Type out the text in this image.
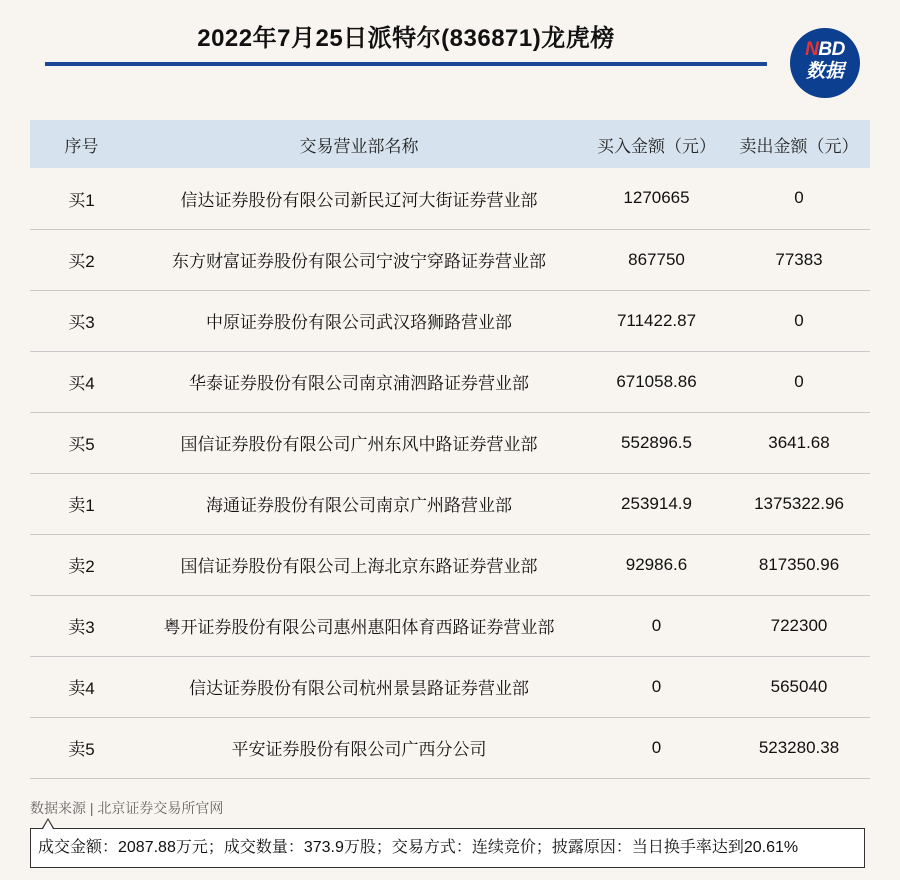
2022年7月25日派特尔(836871)龙虎榜	NBD
数据
序号	交易营业部名称	买入金额（元）	卖出金额（元）
买1	信达证券股份有限公司新民辽河大街证券营业部	1270665	0
买2	东方财富证券股份有限公司宁波宁穿路证券营业部	867750	77383
买3	中原证券股份有限公司武汉珞狮路营业部	711422.87	0
买4	华泰证券股份有限公司南京浦泗路证券营业部	671058.86	0
买5	国信证券股份有限公司广州东风中路证券营业部	552896.5	3641.68
卖1	海通证券股份有限公司南京广州路营业部	253914.9	1375322.96
卖2	国信证券股份有限公司上海北京东路证券营业部	92986.6	817350.96
卖3	粤开证券股份有限公司惠州惠阳体育西路证券营业部	0	722300
卖4	信达证券股份有限公司杭州景昙路证券营业部	0	565040
卖5	平安证券股份有限公司广西分公司	0	523280.38
数据来源 | 北京证券交易所官网
成交金额：2087.88万元；成交数量：373.9万股；交易方式：连续竞价；披露原因：当日换手率达到20.61%
